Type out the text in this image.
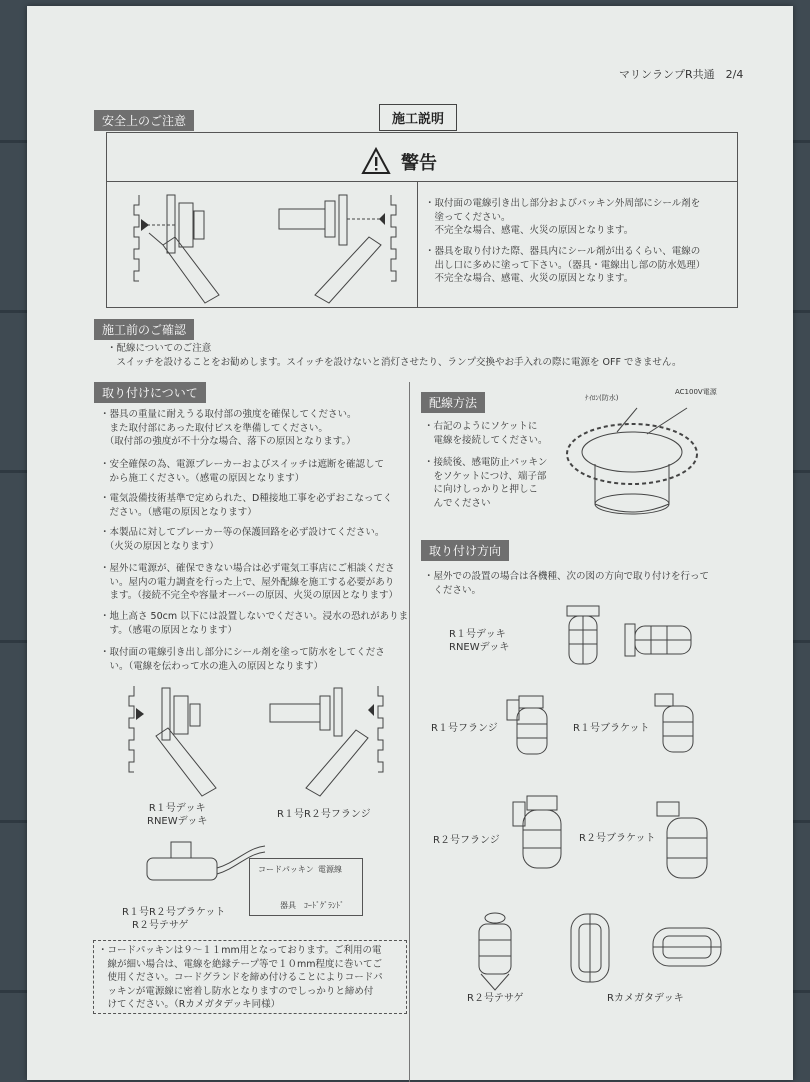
マリンランプR共通　2/4
安全上のご注意	施工説明
警告
・取付面の電線引き出し部分およびパッキン外周部にシール剤を
　塗ってください。
　不完全な場合、感電、火災の原因となります。
・器具を取り付けた際、器具内にシール剤が出るくらい、電線の
　出し口に多めに塗って下さい。（器具・電線出し部の防水処理）
　不完全な場合、感電、火災の原因となります。
施工前のご確認
・配線についてのご注意
　スイッチを設けることをお勧めします。スイッチを設けないと消灯させたり、ランプ交換やお手入れの際に電源を OFF できません。
取り付けについて
・器具の重量に耐えうる取付部の強度を確保してください。
　また取付部にあった取付ビスを準備してください。
　（取付部の強度が不十分な場合、落下の原因となります。）
・安全確保の為、電源ブレーカーおよびスイッチは遮断を確認して
　から施工ください。（感電の原因となります）
・電気設備技術基準で定められた、D種接地工事を必ずおこなってく
　ださい。（感電の原因となります）
・本製品に対してブレーカー等の保護回路を必ず設けてください。
　（火災の原因となります）
・屋外に電源が、確保できない場合は必ず電気工事店にご相談くださ
　い。屋内の電力調査を行った上で、屋外配線を施工する必要があり
　ます。（接続不完全や容量オーバーの原因、火災の原因となります）
・地上高さ 50cm 以下には設置しないでください。浸水の恐れがありま
　す。（感電の原因となります）
・取付面の電線引き出し部分にシール剤を塗って防水をしてくださ
　い。（電線を伝わって水の進入の原因となります）
R１号デッキ
RNEWデッキ
R１号R２号フランジ
コードパッキン 電源線
器具　ｺｰﾄﾞｸﾞﾗﾝﾄﾞ
R１号R２号ブラケット
　R２号テサゲ
・コードパッキンは９～１１mm用となっております。ご利用の電
　線が細い場合は、電線を絶縁テープ等で１０mm程度に巻いてご
　使用ください。コードグランドを締め付けることによりコードパ
　ッキンが電源線に密着し防水となりますのでしっかりと締め付
　けてください。（Rカメガタデッキ同様）
配線方法
・右記のようにソケットに
　電線を接続してください。
・接続後、感電防止パッキン
　をソケットにつけ、端子部
　に向けしっかりと押しこ
　んでください
ﾅｲﾛﾝ(防水)
AC100V電源
取り付け方向
・屋外での設置の場合は各機種、次の図の方向で取り付けを行って
　ください。
R１号デッキ
RNEWデッキ
R１号フランジ	R１号ブラケット
R２号フランジ	R２号ブラケット
R２号テサゲ	Rカメガタデッキ
